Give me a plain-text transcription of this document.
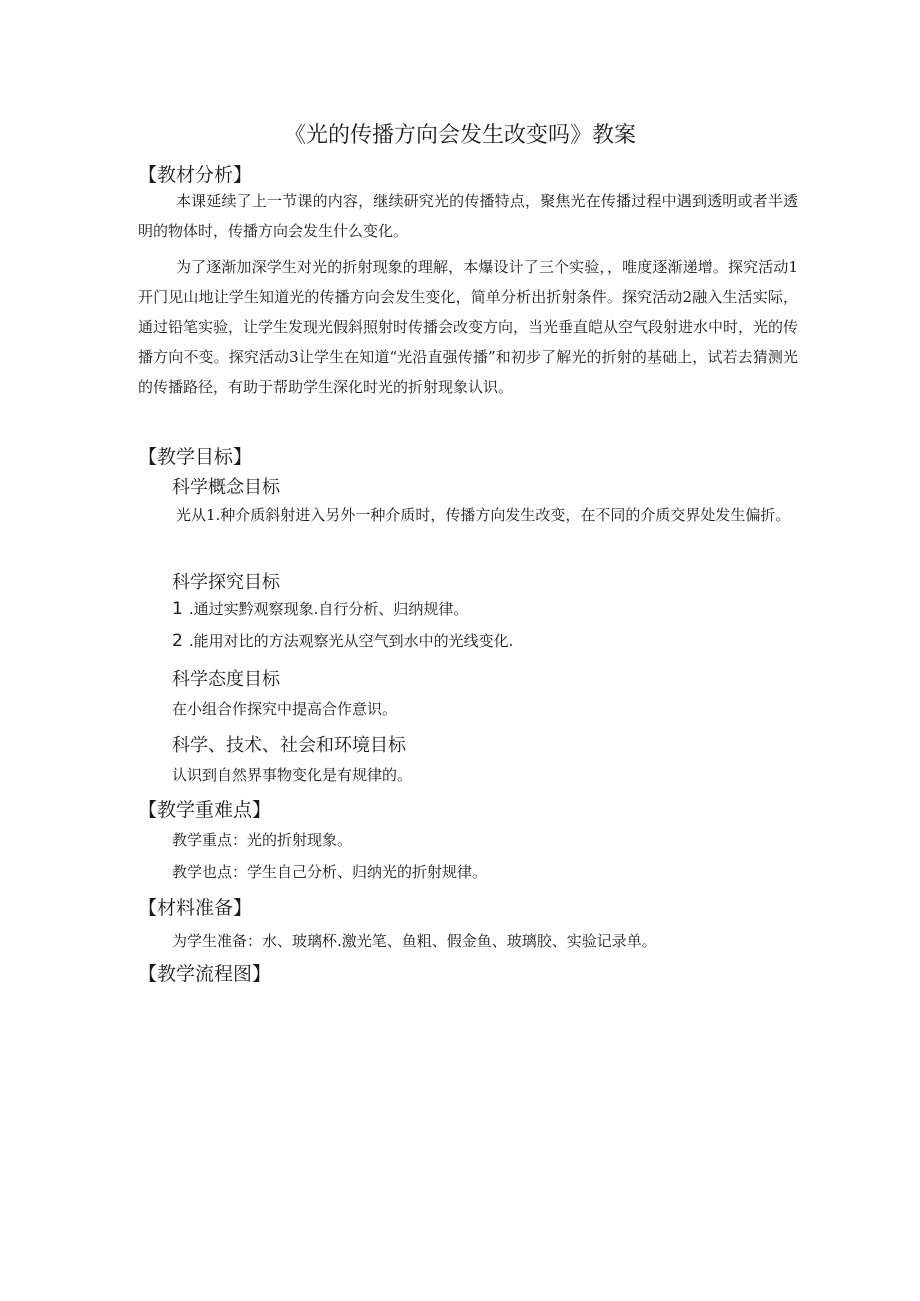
《光的传播方向会发生改变吗》教案
【教材分析】

本课延续了上一节课的内容，继续研究光的传播特点，聚焦光在传播过程中遇到透明或者半透明的物体时，传播方向会发生什么变化。

为了逐渐加深学生对光的折射现象的理解，本爆设计了三个实验，，唯度逐渐递增。探究活动1开门见山地让学生知道光的传播方向会发生变化，简单分析出折射条件。探究活动2融入生活实际，通过铅笔实验，让学生发现光假斜照射时传播会改变方向，当光垂直皑从空气段射进水中时，光的传播方向不变。探究活动3让学生在知道“光沿直强传播”和初步了解光的折射的基础上，试若去猜测光的传播路径，有助于帮助学生深化时光的折射现象认识。

【教学目标】
科学概念目标

光从1.种介质斜射进入另外一种介质时，传播方向发生改变，在不同的介质交界处发生偏折。

科学探究目标
1 .通过实黔观察现象.自行分析、归纳规律。
2 .能用对比的方法观察光从空气到水中的光线变化.
科学态度目标
在小组合作探究中提高合作意识。
科学、技术、社会和环境目标
认识到自然界事物变化是有规律的。
【教学重难点】
教学重点：光的折射现象。
教学也点：学生自己分析、归纳光的折射规律。
【材料准备】
为学生准备：水、玻璃杯.激光笔、鱼粗、假金鱼、玻璃胶、实验记录单。
【教学流程图】
